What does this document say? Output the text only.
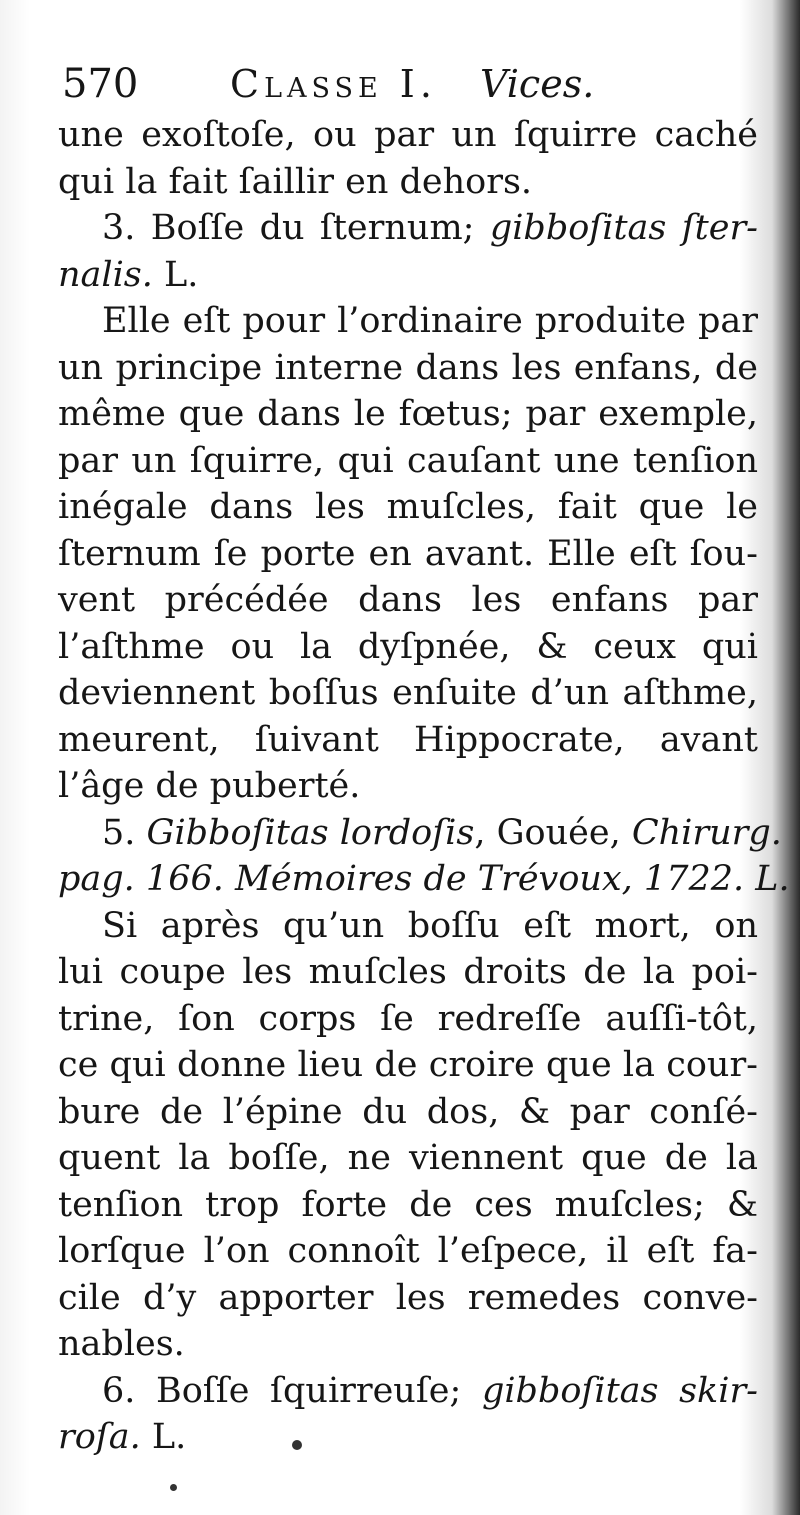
570 Classe I. Vices.
une exoſtoſe, ou par un ſquirre caché
qui la fait ſaillir en dehors.
3. Boſſe du ſternum; gibboſitas ſter-
nalis. L.
Elle eſt pour l’ordinaire produite par
un principe interne dans les enfans, de
même que dans le fœtus; par exemple,
par un ſquirre, qui cauſant une tenſion
inégale dans les muſcles, fait que le
ſternum ſe porte en avant. Elle eſt ſou-
vent précédée dans les enfans par
l’aſthme ou la dyſpnée, & ceux qui
deviennent boſſus enſuite d’un aſthme,
meurent, ſuivant Hippocrate, avant
l’âge de puberté.
5. Gibboſitas lordoſis, Gouée, Chirurg.
pag. 166. Mémoires de Trévoux, 1722. L.
Si après qu’un boſſu eſt mort, on
lui coupe les muſcles droits de la poi-
trine, ſon corps ſe redreſſe auſſi-tôt,
ce qui donne lieu de croire que la cour-
bure de l’épine du dos, & par conſé-
quent la boſſe, ne viennent que de la
tenſion trop forte de ces muſcles; &
lorſque l’on connoît l’eſpece, il eſt fa-
cile d’y apporter les remedes conve-
nables.
6. Boſſe ſquirreuſe; gibboſitas skir-
roſa. L.
